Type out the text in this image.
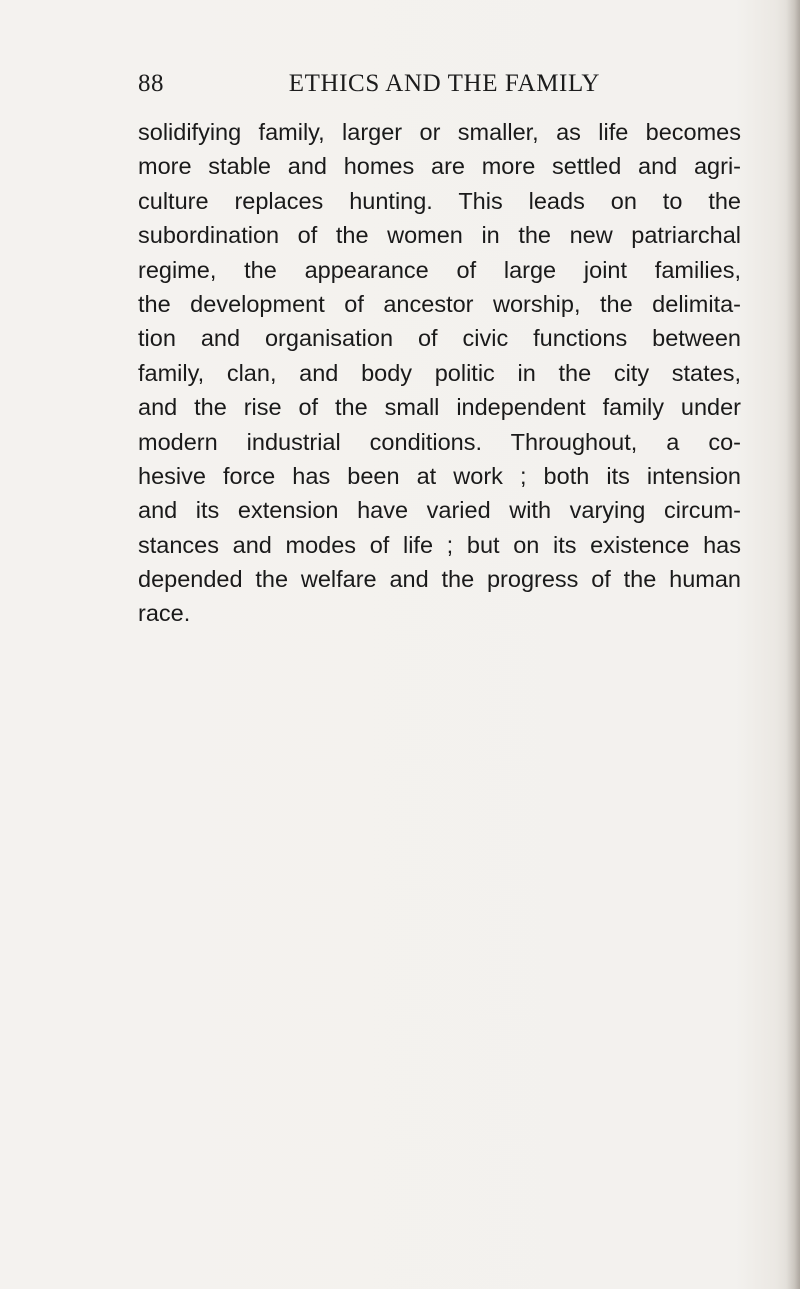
88	ETHICS AND THE FAMILY
solidifying family, larger or smaller, as life becomes
more stable and homes are more settled and agri-
culture replaces hunting. This leads on to the
subordination of the women in the new patriarchal
regime, the appearance of large joint families,
the development of ancestor worship, the delimita-
tion and organisation of civic functions between
family, clan, and body politic in the city states,
and the rise of the small independent family under
modern industrial conditions. Throughout, a co-
hesive force has been at work ; both its intension
and its extension have varied with varying circum-
stances and modes of life ; but on its existence has
depended the welfare and the progress of the human
race.
